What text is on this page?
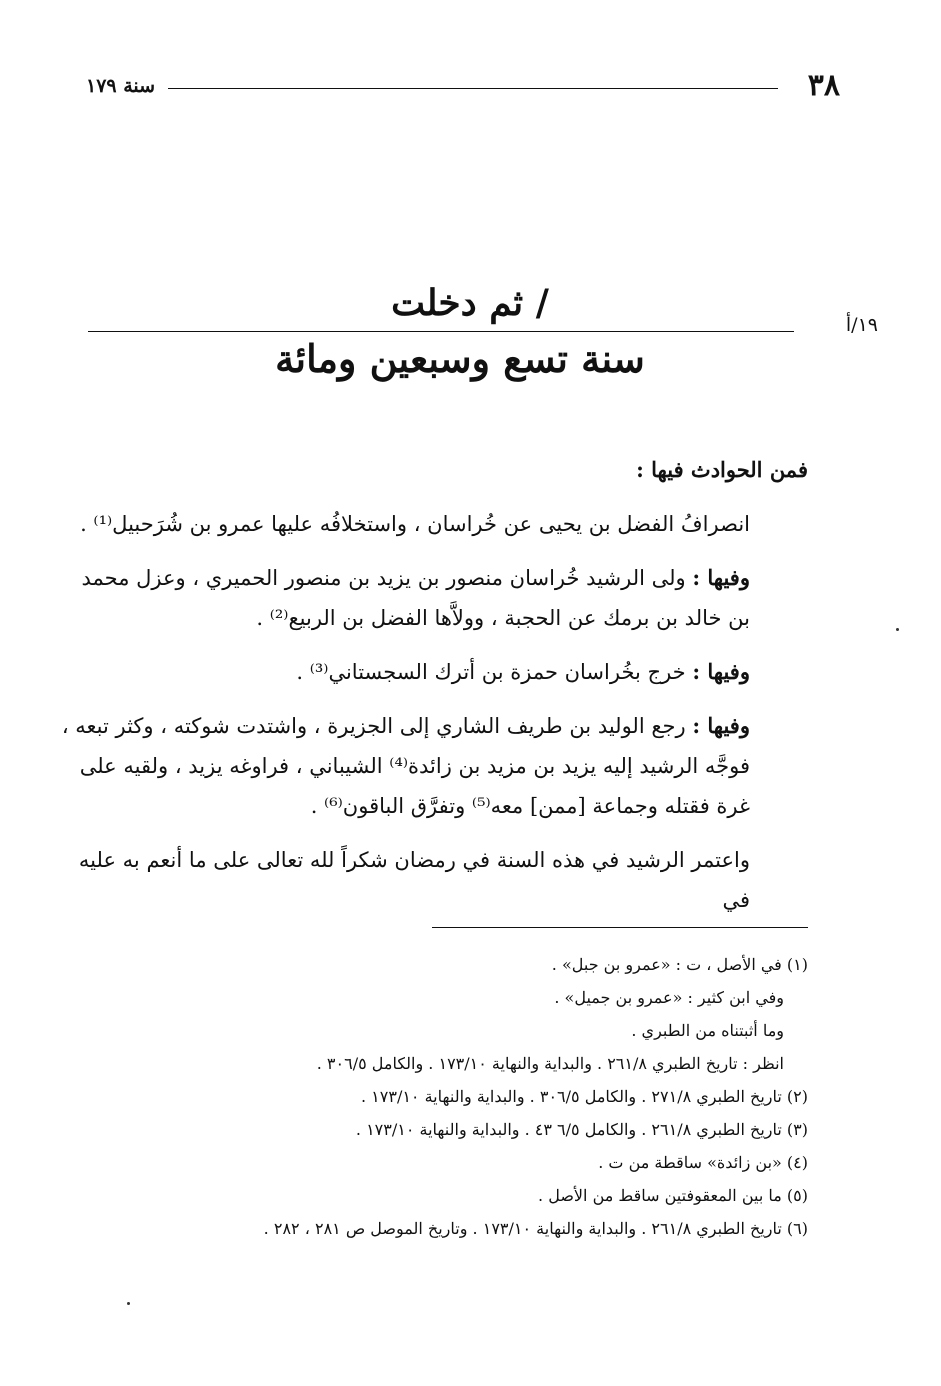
٣٨
سنة ١٧٩
/ ثم دخلت
١٩/أ
سنة تسع وسبعين ومائة

فمن الحوادث فيها :

انصرافُ الفضل بن يحيى عن خُراسان ، واستخلافُه عليها عمرو بن شُرَحبيل⁽¹⁾ .

وفيها : ولى الرشيد خُراسان منصور بن يزيد بن منصور الحميري ، وعزل محمد بن خالد بن برمك عن الحجبة ، وولاَّها الفضل بن الربيع⁽²⁾ .

وفيها : خرج بخُراسان حمزة بن أترك السجستاني⁽³⁾ .

وفيها : رجع الوليد بن طريف الشاري إلى الجزيرة ، واشتدت شوكته ، وكثر تبعه ، فوجَّه الرشيد إليه يزيد بن مزيد بن زائدة⁽⁴⁾ الشيباني ، فراوغه يزيد ، ولقيه على غرة فقتله وجماعة [ممن] معه⁽⁵⁾ وتفرَّق الباقون⁽⁶⁾ .

واعتمر الرشيد في هذه السنة في رمضان شكراً لله تعالى على ما أنعم به عليه في

(١) في الأصل ، ت : «عمرو بن جبل» .
وفي ابن كثير : «عمرو بن جميل» .
وما أثبتناه من الطبري .
انظر : تاريخ الطبري ٢٦١/٨ . والبداية والنهاية ١٧٣/١٠ . والكامل ٣٠٦/٥ .
(٢) تاريخ الطبري ٢٧١/٨ . والكامل ٣٠٦/٥ . والبداية والنهاية ١٧٣/١٠ .
(٣) تاريخ الطبري ٢٦١/٨ . والكامل ٦/٥ ٤٣ . والبداية والنهاية ١٧٣/١٠ .
(٤) «بن زائدة» ساقطة من ت .
(٥) ما بين المعقوفتين ساقط من الأصل .
(٦) تاريخ الطبري ٢٦١/٨ . والبداية والنهاية ١٧٣/١٠ . وتاريخ الموصل ص ٢٨١ ، ٢٨٢ .
